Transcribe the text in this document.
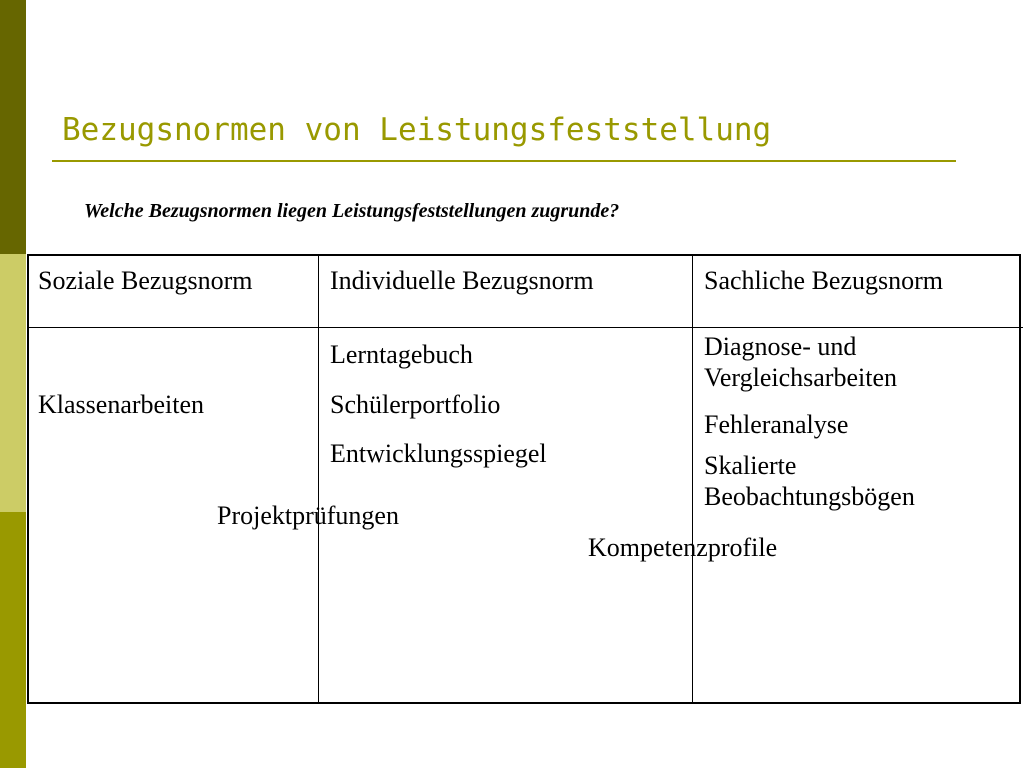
Bezugsnormen von Leistungsfeststellung
Welche Bezugsnormen liegen Leistungsfeststellungen zugrunde?
Soziale Bezugsnorm	Individuelle Bezugsnorm	Sachliche Bezugsnorm
Klassenarbeiten
Lerntagebuch
Schülerportfolio
Entwicklungsspiegel
Diagnose- und
Vergleichsarbeiten
Fehleranalyse
Skalierte
Beobachtungsbögen
Projektprüfungen
Kompetenzprofile
